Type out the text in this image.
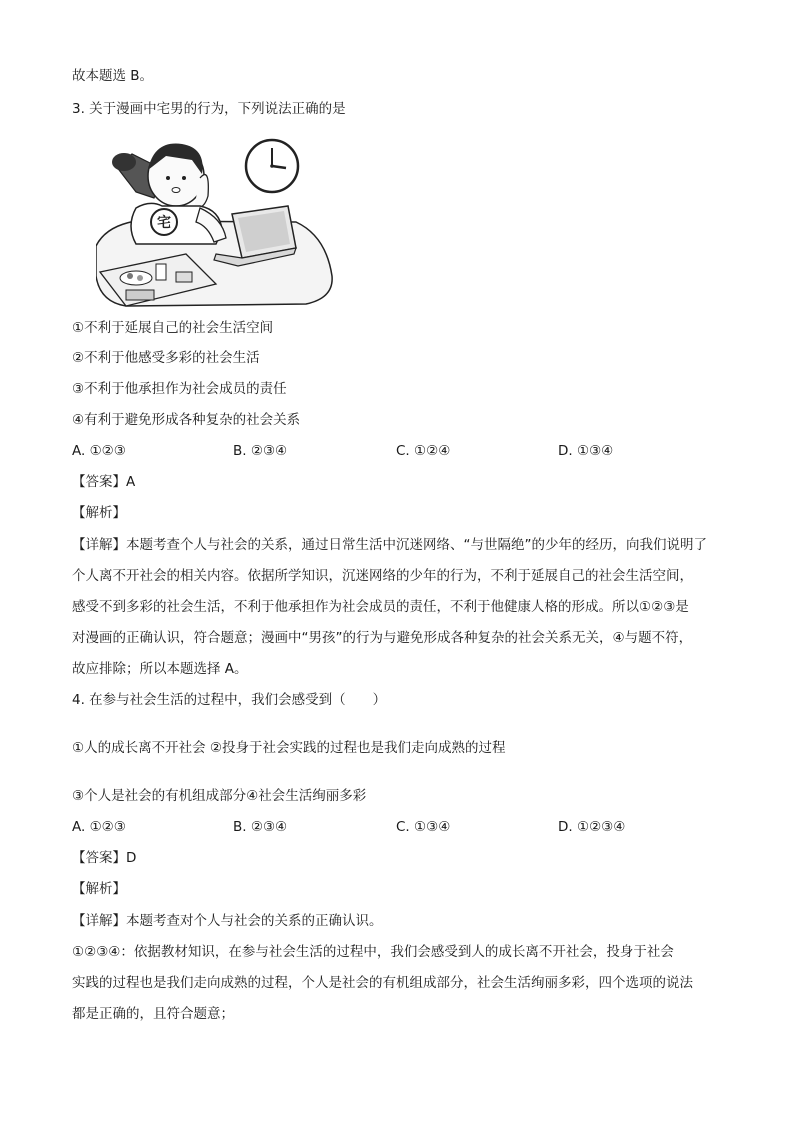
故本题选 B。
3. 关于漫画中宅男的行为，下列说法正确的是
宅
①不利于延展自己的社会生活空间
②不利于他感受多彩的社会生活
③不利于他承担作为社会成员的责任
④有利于避免形成各种复杂的社会关系
A. ①②③	B. ②③④	C. ①②④	D. ①③④
【答案】A
【解析】
【详解】本题考查个人与社会的关系，通过日常生活中沉迷网络、“与世隔绝”的少年的经历，向我们说明了
个人离不开社会的相关内容。依据所学知识，沉迷网络的少年的行为，不利于延展自己的社会生活空间，
感受不到多彩的社会生活，不利于他承担作为社会成员的责任，不利于他健康人格的形成。所以①②③是
对漫画的正确认识，符合题意；漫画中“男孩”的行为与避免形成各种复杂的社会关系无关，④与题不符，
故应排除；所以本题选择 A。
4. 在参与社会生活的过程中，我们会感受到（　　）
①人的成长离不开社会 ②投身于社会实践的过程也是我们走向成熟的过程
③个人是社会的有机组成部分④社会生活绚丽多彩
A. ①②③	B. ②③④	C. ①③④	D. ①②③④
【答案】D
【解析】
【详解】本题考查对个人与社会的关系的正确认识。
①②③④：依据教材知识，在参与社会生活的过程中，我们会感受到人的成长离不开社会，投身于社会
实践的过程也是我们走向成熟的过程，个人是社会的有机组成部分，社会生活绚丽多彩，四个选项的说法
都是正确的，且符合题意；
